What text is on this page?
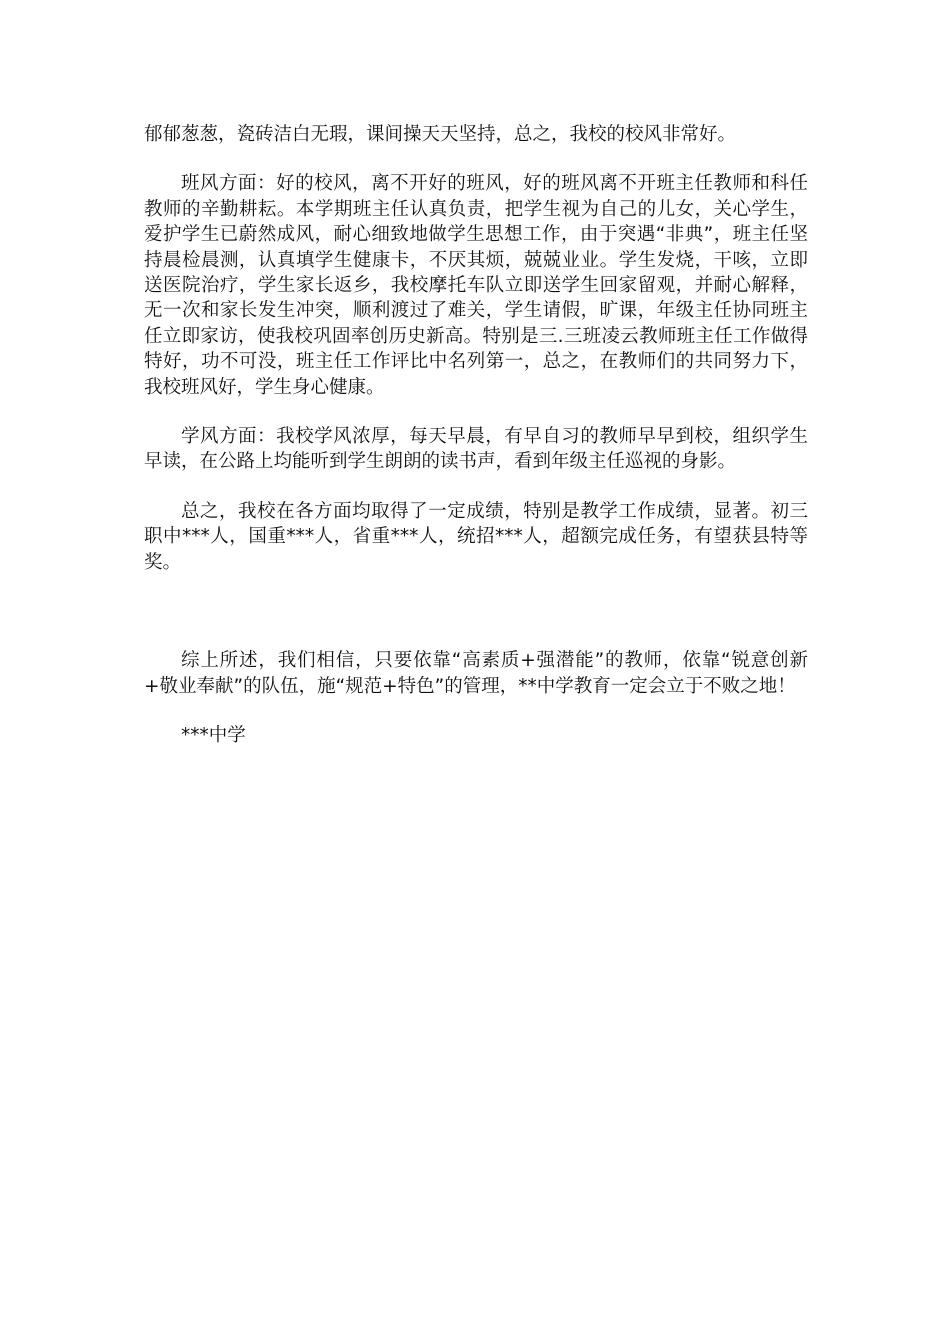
郁郁葱葱，瓷砖洁白无瑕，课间操天天坚持，总之，我校的校风非常好。

班风方面：好的校风，离不开好的班风，好的班风离不开班主任教师和科任教师的辛勤耕耘。本学期班主任认真负责，把学生视为自己的儿女，关心学生，爱护学生已蔚然成风，耐心细致地做学生思想工作，由于突遇“非典”，班主任坚持晨检晨测，认真填学生健康卡，不厌其烦，兢兢业业。学生发烧，干咳，立即送医院治疗，学生家长返乡，我校摩托车队立即送学生回家留观，并耐心解释，无一次和家长发生冲突，顺利渡过了难关，学生请假，旷课，年级主任协同班主任立即家访，使我校巩固率创历史新高。特别是三.三班凌云教师班主任工作做得特好，功不可没，班主任工作评比中名列第一，总之，在教师们的共同努力下，我校班风好，学生身心健康。

学风方面：我校学风浓厚，每天早晨，有早自习的教师早早到校，组织学生早读，在公路上均能听到学生朗朗的读书声，看到年级主任巡视的身影。

总之，我校在各方面均取得了一定成绩，特别是教学工作成绩，显著。初三职中***人，国重***人，省重***人，统招***人，超额完成任务，有望获县特等奖。

综上所述，我们相信，只要依靠“高素质+强潜能”的教师，依靠“锐意创新+敬业奉献”的队伍，施“规范+特色”的管理，**中学教育一定会立于不败之地！

***中学
